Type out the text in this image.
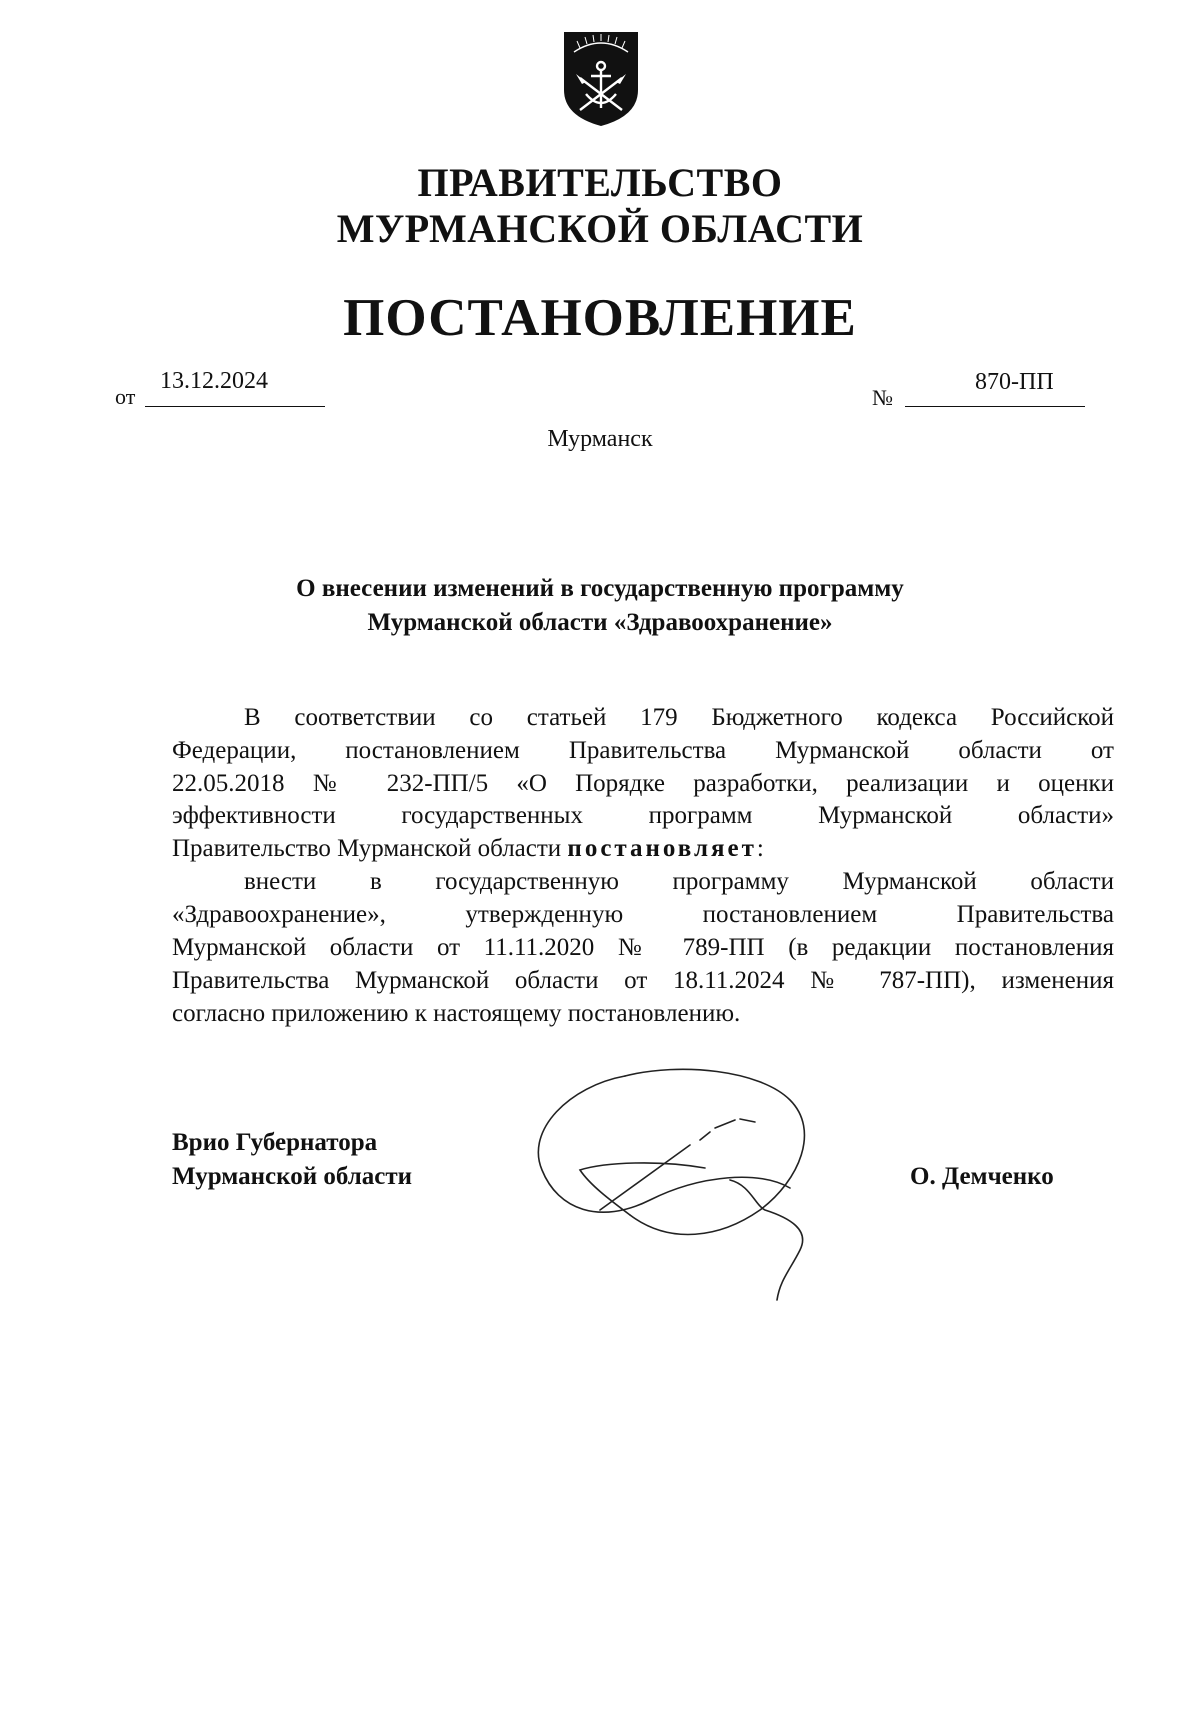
ПРАВИТЕЛЬСТВО
МУРМАНСКОЙ ОБЛАСТИ
ПОСТАНОВЛЕНИЕ
от
13.12.2024
№
870-ПП
Мурманск
О внесении изменений в государственную программу
Мурманской области «Здравоохранение»
В соответствии со статьей 179 Бюджетного кодекса Российской
Федерации, постановлением Правительства Мурманской области от
22.05.2018 № 232-ПП/5 «О Порядке разработки, реализации и оценки
эффективности государственных программ Мурманской области»
Правительство Мурманской области постановляет:
внести в государственную программу Мурманской области
«Здравоохранение», утвержденную постановлением Правительства
Мурманской области от 11.11.2020 № 789-ПП (в редакции постановления
Правительства Мурманской области от 18.11.2024 № 787-ПП), изменения
согласно приложению к настоящему постановлению.
Врио Губернатора
Мурманской области	О. Демченко
